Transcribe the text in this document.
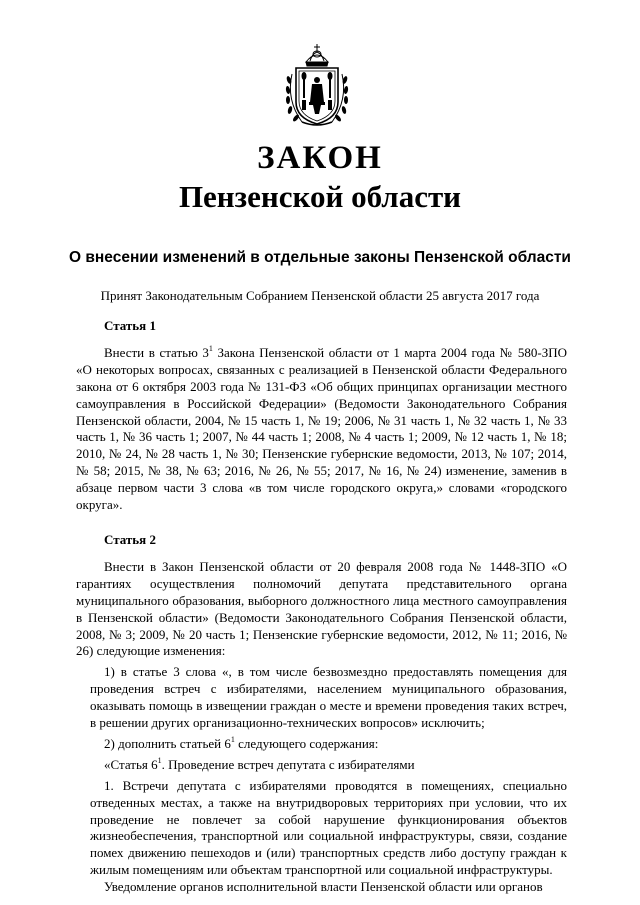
ЗАКОН
Пензенской области
О внесении изменений в отдельные законы Пензенской области
Принят Законодательным Собранием Пензенской области 25 августа 2017 года

Статья 1

Внести в статью $3^1$ Закона Пензенской области от 1 марта 2004 года № 580-ЗПО «О некоторых вопросах, связанных с реализацией в Пензенской области Федерального закона от 6 октября 2003 года № 131-ФЗ «Об общих принципах организации местного самоуправления в Российской Федерации» (Ведомости Законодательного Собрания Пензенской области, 2004, № 15 часть 1, № 19; 2006, № 31 часть 1, № 32 часть 1, № 33 часть 1, № 36 часть 1; 2007, № 44 часть 1; 2008, № 4 часть 1; 2009, № 12 часть 1, № 18; 2010, № 24, № 28 часть 1, № 30; Пензенские губернские ведомости, 2013, № 107; 2014, № 58; 2015, № 38, № 63; 2016, № 26, № 55; 2017, № 16, № 24) изменение, заменив в абзаце первом части 3 слова «в том числе городского округа,» словами «городского округа».

Статья 2

Внести в Закон Пензенской области от 20 февраля 2008 года № 1448-ЗПО «О гарантиях осуществления полномочий депутата представительного органа муниципального образования, выборного должностного лица местного самоуправления в Пензенской области» (Ведомости Законодательного Собрания Пензенской области, 2008, № 3; 2009, № 20 часть 1; Пензенские губернские ведомости, 2012, № 11; 2016, № 26) следующие изменения:

1) в статье 3 слова «, в том числе безвозмездно предоставлять помещения для проведения встреч с избирателями, населением муниципального образования, оказывать помощь в извещении граждан о месте и времени проведения таких встреч, в решении других организационно-технических вопросов» исключить;

2) дополнить статьей $6^1$ следующего содержания:

«Статья $6^1$. Проведение встреч депутата с избирателями

1. Встречи депутата с избирателями проводятся в помещениях, специально отведенных местах, а также на внутридворовых территориях при условии, что их проведение не повлечет за собой нарушение функционирования объектов жизнеобеспечения, транспортной или социальной инфраструктуры, связи, создание помех движению пешеходов и (или) транспортных средств либо доступу граждан к жилым помещениям или объектам транспортной или социальной инфраструктуры.

Уведомление органов исполнительной власти Пензенской области или органов
